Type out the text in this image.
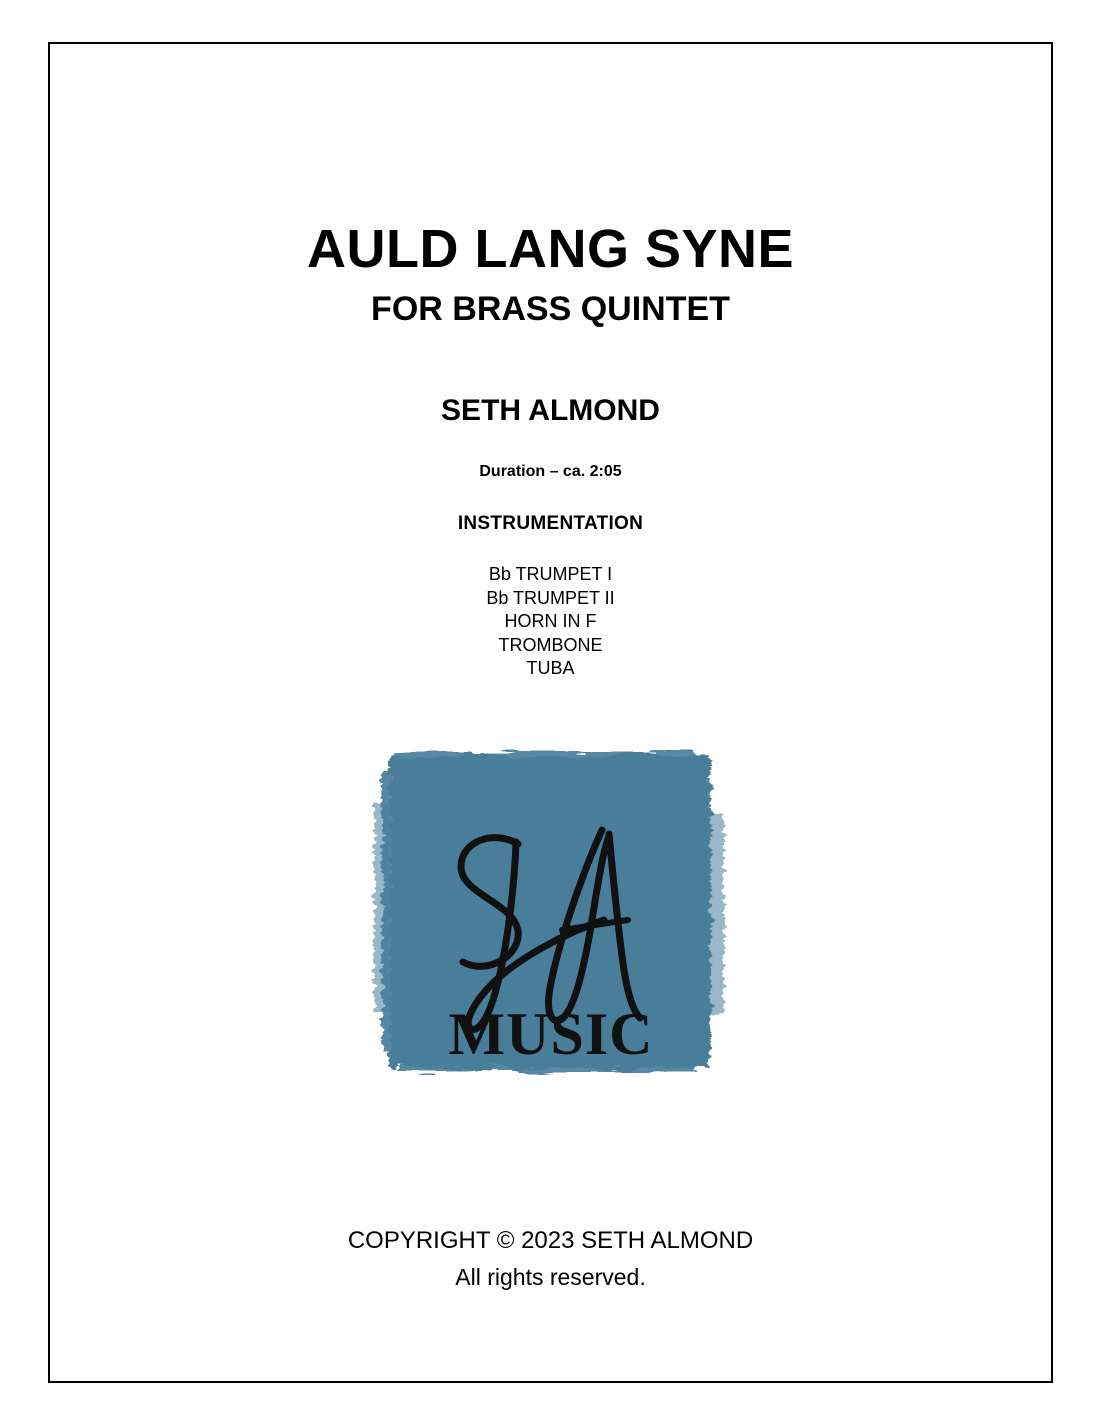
AULD LANG SYNE
FOR BRASS QUINTET
SETH ALMOND
Duration – ca. 2:05
INSTRUMENTATION
Bb TRUMPET I
Bb TRUMPET II
HORN IN F
TROMBONE
TUBA
MUSIC
COPYRIGHT © 2023 SETH ALMOND
All rights reserved.
